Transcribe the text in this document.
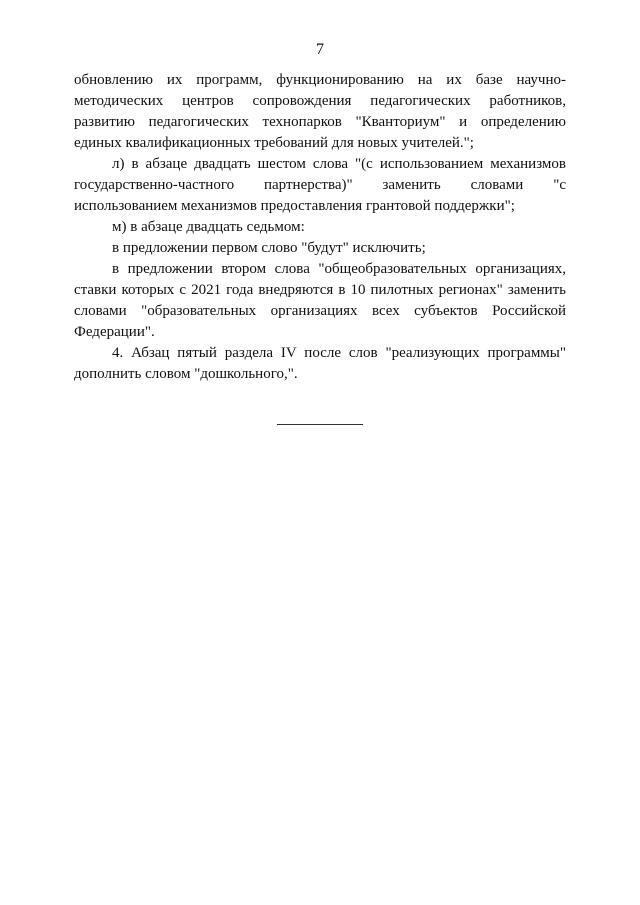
7

обновлению их программ, функционированию на их базе научно-методических центров сопровождения педагогических работников, развитию педагогических технопарков "Кванториум" и определению единых квалификационных требований для новых учителей.";

л) в абзаце двадцать шестом слова "(с использованием механизмов государственно-частного партнерства)" заменить словами "с использованием механизмов предоставления грантовой поддержки";

м) в абзаце двадцать седьмом:

в предложении первом слово "будут" исключить;

в предложении втором слова "общеобразовательных организациях, ставки которых с 2021 года внедряются в 10 пилотных регионах" заменить словами "образовательных организациях всех субъектов Российской Федерации".

4. Абзац пятый раздела IV после слов "реализующих программы" дополнить словом "дошкольного,".
